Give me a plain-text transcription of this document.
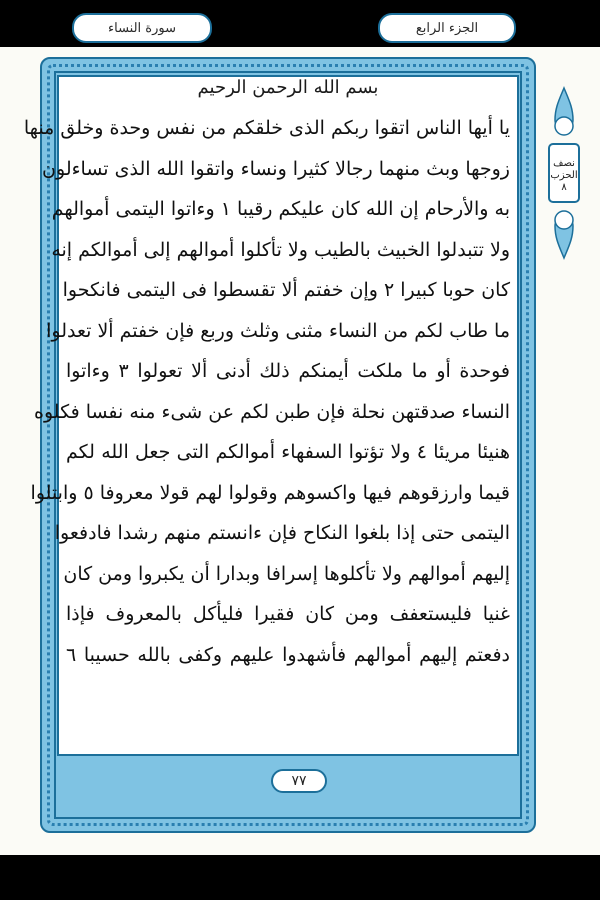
الجزء الرابع
سورة النساء
بسم الله الرحمن الرحيم
يا أيها الناس اتقوا ربكم الذى خلقكم من نفس وحدة وخلق منها
زوجها وبث منهما رجالا كثيرا ونساء واتقوا الله الذى تساءلون
به والأرحام إن الله كان عليكم رقيبا ١ وءاتوا اليتمى أموالهم
ولا تتبدلوا الخبيث بالطيب ولا تأكلوا أموالهم إلى أموالكم إنه
كان حوبا كبيرا ٢ وإن خفتم ألا تقسطوا فى اليتمى فانكحوا
ما طاب لكم من النساء مثنى وثلث وربع فإن خفتم ألا تعدلوا
فوحدة أو ما ملكت أيمنكم ذلك أدنى ألا تعولوا ٣ وءاتوا
النساء صدقتهن نحلة فإن طبن لكم عن شىء منه نفسا فكلوه
هنيئا مريئا ٤ ولا تؤتوا السفهاء أموالكم التى جعل الله لكم
قيما وارزقوهم فيها واكسوهم وقولوا لهم قولا معروفا ٥ وابتلوا
اليتمى حتى إذا بلغوا النكاح فإن ءانستم منهم رشدا فادفعوا
إليهم أموالهم ولا تأكلوها إسرافا وبدارا أن يكبروا ومن كان
غنيا فليستعفف ومن كان فقيرا فليأكل بالمعروف فإذا
دفعتم إليهم أموالهم فأشهدوا عليهم وكفى بالله حسيبا ٦
٧٧
نصف
الحزب
٨
